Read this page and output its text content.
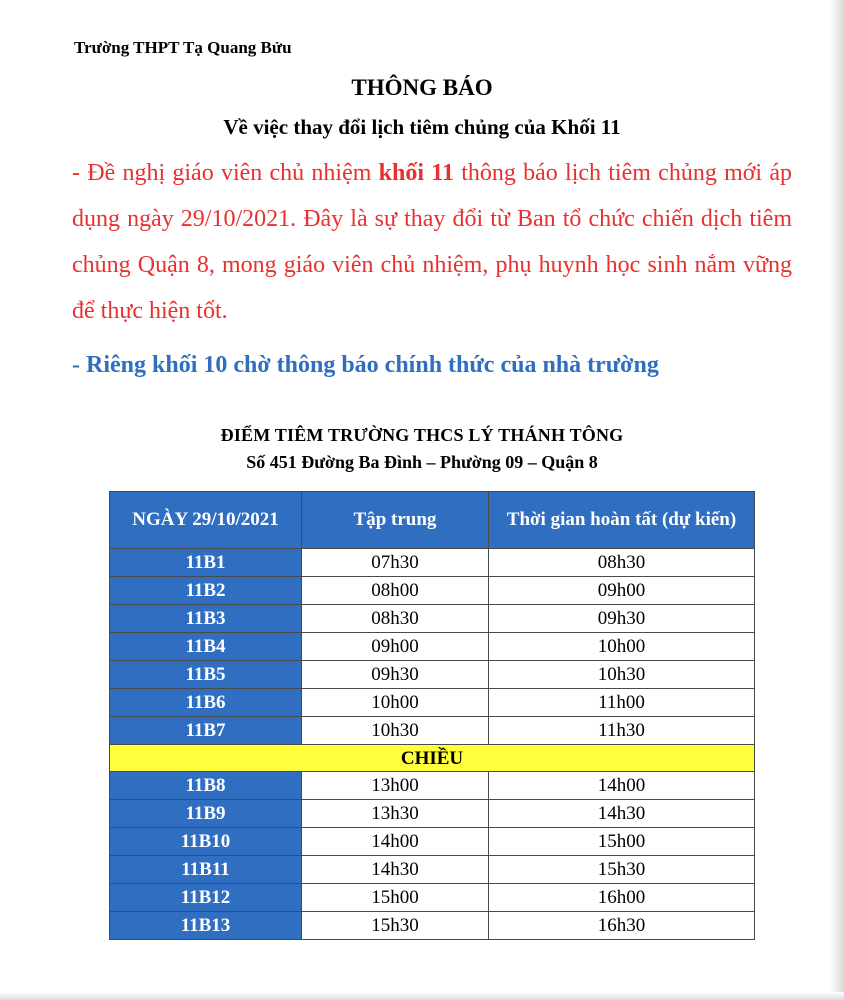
Trường THPT Tạ Quang Bửu
THÔNG BÁO
Về việc thay đổi lịch tiêm chủng của Khối 11
- Đề nghị giáo viên chủ nhiệm khối 11 thông báo lịch tiêm chủng mới áp dụng ngày 29/10/2021. Đây là sự thay đổi từ Ban tổ chức chiến dịch tiêm chủng Quận 8, mong giáo viên chủ nhiệm, phụ huynh học sinh nắm vững để thực hiện tốt.
- Riêng khối 10 chờ thông báo chính thức của nhà trường
ĐIỂM TIÊM TRƯỜNG THCS LÝ THÁNH TÔNG
Số 451 Đường Ba Đình – Phường 09 – Quận 8
NGÀY 29/10/2021	Tập trung	Thời gian hoàn tất (dự kiến)
11B1	07h30	08h30
11B2	08h00	09h00
11B3	08h30	09h30
11B4	09h00	10h00
11B5	09h30	10h30
11B6	10h00	11h00
11B7	10h30	11h30
CHIỀU		
11B8	13h00	14h00
11B9	13h30	14h30
11B10	14h00	15h00
11B11	14h30	15h30
11B12	15h00	16h00
11B13	15h30	16h30
